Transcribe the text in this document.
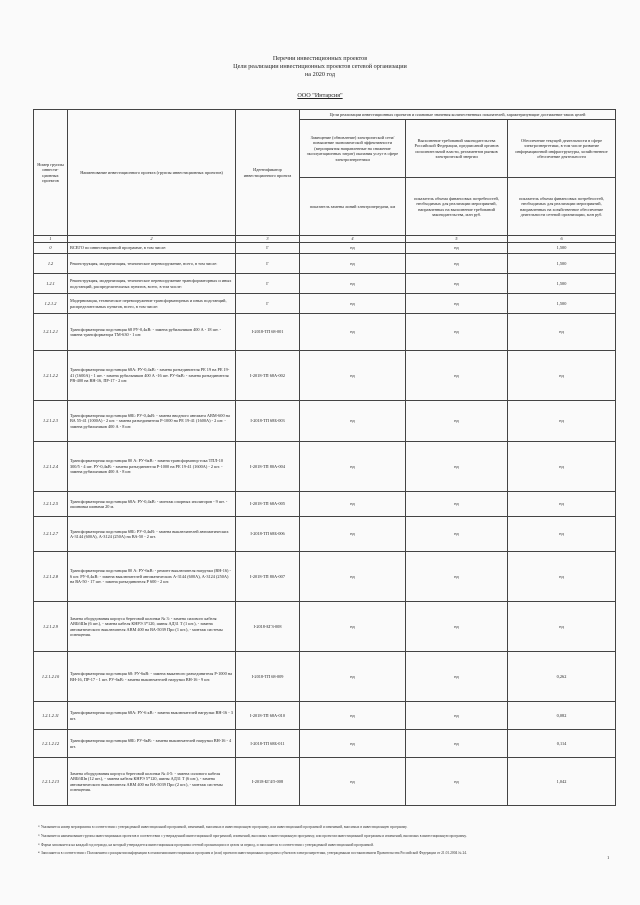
Перечни инвестиционных проектов
Цели реализации инвестиционных проектов сетевой организации
на 2020 год
ООО "Интарсия"
Номер группы инвести-ционных проектов	Наименование инвестиционного проекта (группы инвестиционных проектов)	Идентификатор инвестиционного проекта	Цели реализации инвестиционных проектов и плановые значения количественных показателей, характеризующие достижение таких целей		
			Замещение (обновление) электрической сети/повышение экономической эффективности (мероприятия направленные на снижение эксплуатационных затрат) оказания услуг в сфере электроэнергетики	Выполнение требований законодательства Российской Федерации, предписаний органов исполнительной власти, регламентов рынков электрической энергии	Обеспечение текущей деятельности в сфере электроэнергетики, в том числе развитие информационной инфраструктуры, хозяйственное обеспечение деятельности
			показатель замены линий электропередачи, км	показатель объема финансовых потребностей, необходимых для реализации мероприятий, направленных на выполнение требований законодательства, млн руб.	показатель объема финансовых потребностей, необходимых для реализации мероприятий, направленных на хозяйственное обеспечение деятельности сетевой организации, млн руб.
1	2	3	4	5	6
0	ВСЕГО по инвестиционной программе, в том числе:	Г	нд	нд	1,500
1.2	Реконструкция, модернизация, техническое перевооружение, всего, в том числе:	Г	нд	нд	1,500
1.2.1	Реконструкция, модернизация, техническое перевооружение трансформаторных и иных подстанций, распределительных пунктов, всего, в том числе:	Г	нд	нд	1,500
1.2.1.2	Модернизация, техническое перевооружение трансформаторных и иных подстанций, распределительных пунктов, всего, в том числе:	Г	нд	нд	1,500
1.2.1.2.1	Трансформаторная подстанция 68 РУ-0,4кВ: - замена рубильников 400 А - 18 шт. - замена трансформатора ТМ-630 - 1 шт.	I-2018-ТП 68-001	нд	нд	нд
1.2.1.2.2	Трансформаторная подстанция 68А: РУ-0,4кВ: - замена разъединителя РЕ 19 на РЕ 19-41 (1600А) - 1 шт. - замена рубильников 400 А -16 шт. РУ-6кВ: - замена разъединителя РВ-400 на ВН-16, ПР-17 - 2 шт.	I-2018-ТП 68А-002	нд	нд	нд
1.2.1.2.3	Трансформаторная подстанция 68Б: РУ-0,4кВ: - замена вводного автомата АВМ-600 на ВА 55-41 (1000А) - 2 шт. - замена разъединителя Р-1000 на РЕ 19-41 (1600А) - 2 шт. - замена рубильников 400 А - 8 шт.	I-2018-ТП 68Б-003	нд	нд	нд
1.2.1.2.4	Трансформаторная подстанция 80 А: РУ-6кВ: - замена трансформатор тока ТПЛ-10 300/5 - 4 шт. РУ-0,4кВ: - замена разъединителя Р-1000 на РЕ 19-41 (1600А) - 2 шт. - замена рубильников 400 А - 8 шт.	I-2018-ТП 80А-004	нд	нд	нд
1.2.1.2.5	Трансформаторная подстанция 68А: РУ-0,4кВ: - монтаж опорных изоляторов - 9 шт. - ошиновка шинами 20 м.	I-2018-ТП 68А-005	нд	нд	нд
1.2.1.2.7	Трансформаторная подстанция 68Б: РУ-0,4кВ: - замена выключателей автоматических А-3144 (600А), А-3124 (250А) на ВА-50 - 2 шт.	I-2018-ТП 68Б-006	нд	нд	нд
1.2.1.2.8	Трансформаторная подстанция 80 А: РУ-6кВ: - ремонт выключателя нагрузки (ВН-16) - 6 шт. РУ-0,4кВ: - замена выключателей автоматических А-3144 (600А), А-3124 (250А) на ВА-50 - 17 шт. - замена разъединителя Р 600 - 2 шт.	I-2018-ТП 80А-007	нд	нд	нд
1.2.1.2.9	Замена оборудования корпуса береговой колонки № 3: - замена силового кабеля АВБбШв (6 шт.), - замена кабеля КНРЭ 3*120, шины АД31 Т (1 шт.), - замена автоматического выключателя АВМ 400 на ВА-5039 Про (1 шт.), - монтаж системы освещения.	I-2018-БГЗ-008	нд	нд	нд
1.2.1.2.10	Трансформаторная подстанция 68: РУ-6кВ: - замена выкатного разъединителя Р-1000 на ВН-16, ПР-17 - 1 шт. РУ-6кВ: - замена выключателей нагрузки ВН-16 - 9 шт.	I-2018-ТП 68-009	нд	нд	0,262
1.2.1.2.11	Трансформаторная подстанция 68А: РУ-6 кВ: - замена выключателей нагрузки ВН-16 - 3 шт.	I-2018-ТП 68А-010	нд	нд	0,082
1.2.1.2.12	Трансформаторная подстанция 68Б: РУ-6кВ: - замена выключателей нагрузки ВН-16 - 4 шт.	I-2018-ТП 68Б-011	нд	нд	0,114
1.2.1.2.13	Замена оборудования корпуса береговой колонки № 4-5: - замена силового кабеля АВБбШв (12 шт.), - замена кабеля КНРЭ 5*120, шины АД31 Т (6 шт.), - замена автоматического выключателя АВМ 400 на ВА-5039 Про (2 шт.), - монтаж системы освещения.	I-2018-БГ4/5-008	нд	нд	1,042
¹⁾ Указывается номер мероприятия в соответствии с утвержденной инвестиционной программой, изменений, вносимых в инвестиционную программу, или инвестиционной программой и изменений, вносимых в инвестиционную программу.
²⁾ Указывается наименование группы инвестиционных проектов в соответствии с утвержденной инвестиционной программой, изменений, вносимых в инвестиционную программу, или проектом инвестиционной программы и изменений, вносимых в инвестиционную программу.
³⁾ Форма заполняется на каждый год периода, на который утверждается инвестиционная программа сетевой организации и в целом за период, и заполняется в соответствии с утвержденной инвестиционной программой.
⁴⁾ Заполняется в соответствии с Положением о раскрытии информации в отношении инвестиционных программ и (или) проектов инвестиционных программ субъектов электроэнергетики, утвержденным постановлением Правительства Российской Федерации от 21.01.2004 № 24.
1
